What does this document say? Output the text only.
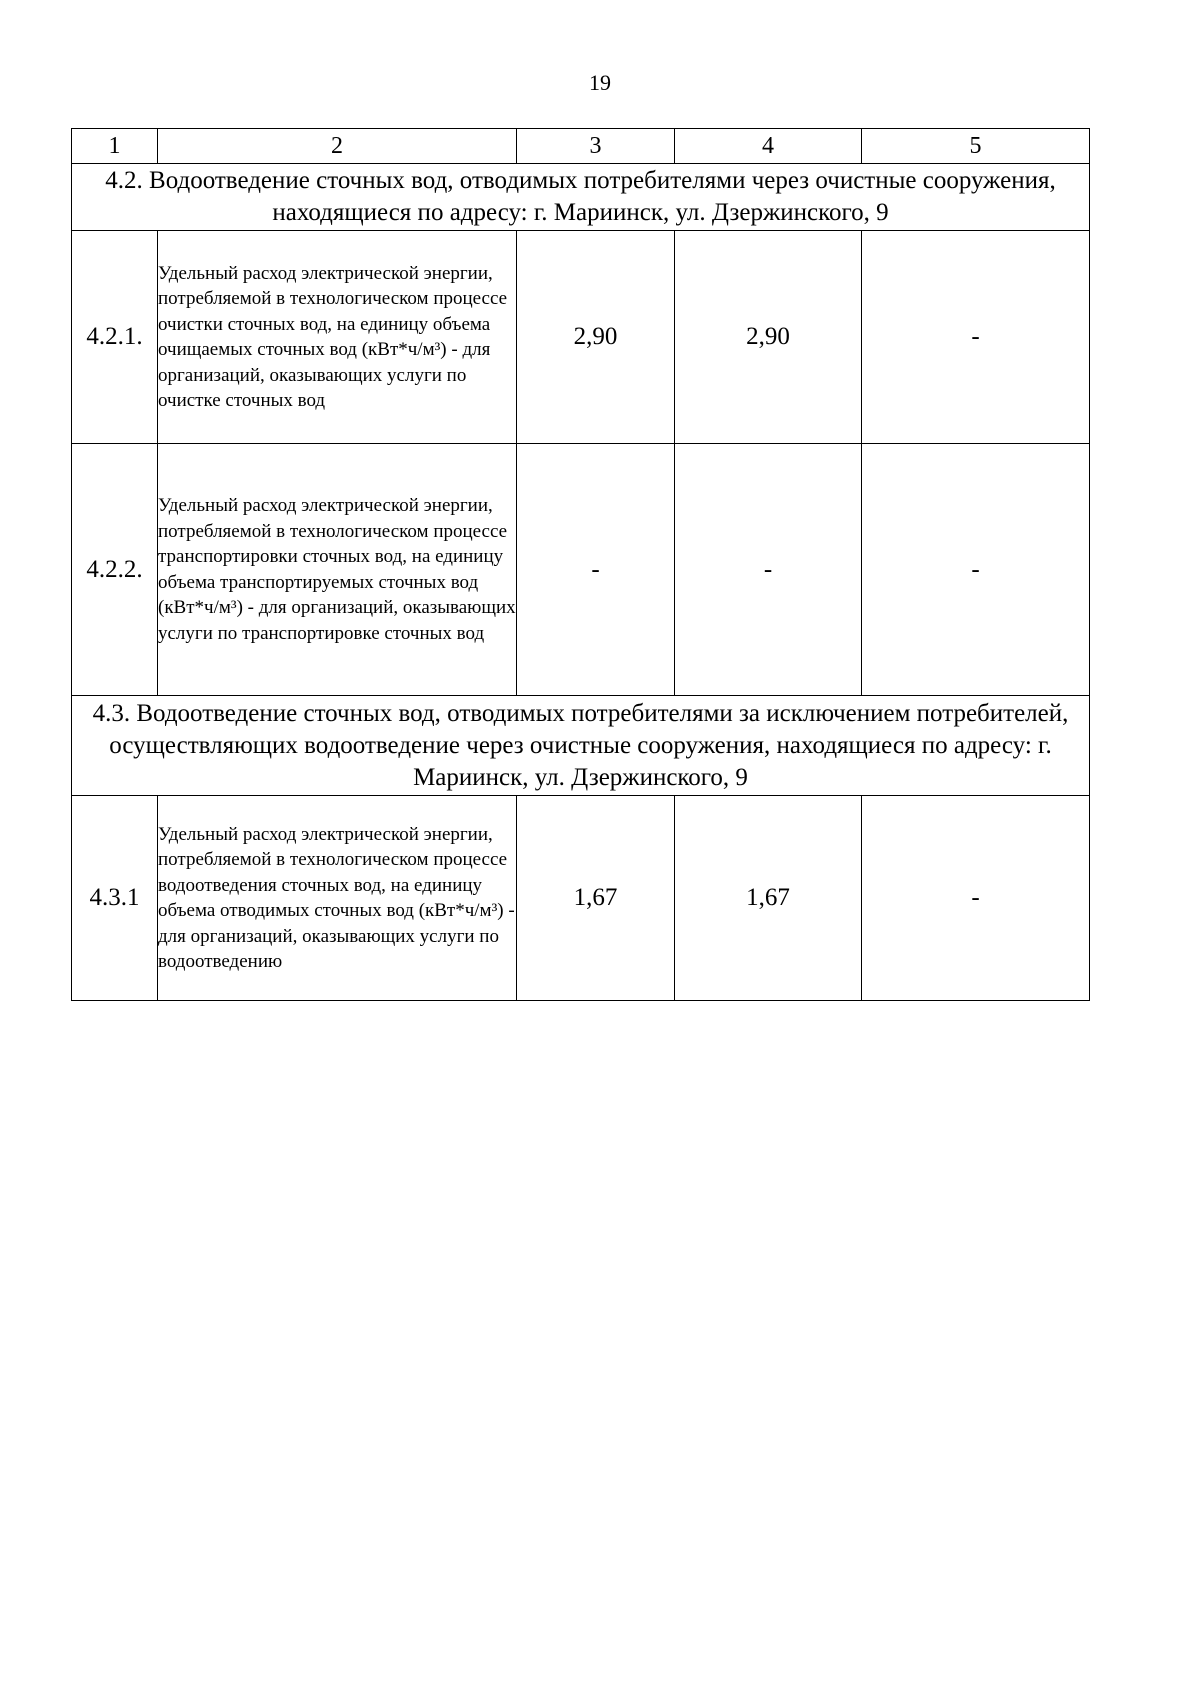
19
1	2	3	4	5
4.2. Водоотведение сточных вод, отводимых потребителями через очистные сооружения, находящиеся по адресу: г. Мариинск, ул. Дзержинского, 9				
4.2.1.	Удельный расход электрической энергии, потребляемой в технологическом процессе очистки сточных вод, на единицу объема очищаемых сточных вод (кВт*ч/м³) - для организаций, оказывающих услуги по очистке сточных вод	2,90	2,90	-
4.2.2.	Удельный расход электрической энергии, потребляемой в технологическом процессе транспортировки сточных вод, на единицу объема транспортируемых сточных вод (кВт*ч/м³) - для организаций, оказывающих услуги по транспортировке сточных вод	-	-	-
4.3. Водоотведение сточных вод, отводимых потребителями за исключением потребителей, осуществляющих водоотведение через очистные сооружения, находящиеся по адресу: г. Мариинск, ул. Дзержинского, 9				
4.3.1	Удельный расход электрической энергии, потребляемой в технологическом процессе водоотведения сточных вод, на единицу объема отводимых сточных вод (кВт*ч/м³) - для организаций, оказывающих услуги по водоотведению	1,67	1,67	-
